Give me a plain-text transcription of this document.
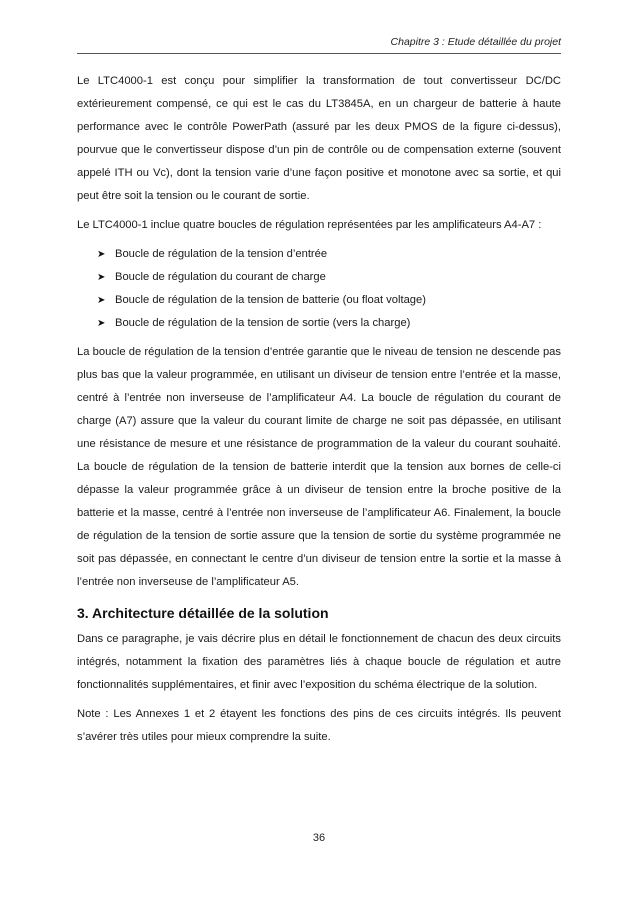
Chapitre 3 : Etude détaillée du projet

Le LTC4000-1 est conçu pour simplifier la transformation de tout convertisseur DC/DC extérieurement compensé, ce qui est le cas du LT3845A, en un chargeur de batterie à haute performance avec le contrôle PowerPath (assuré par les deux PMOS de la figure ci-dessus), pourvue que le convertisseur dispose d’un pin de contrôle ou de compensation externe (souvent appelé ITH ou Vc), dont la tension varie d’une façon positive et monotone avec sa sortie, et qui peut être soit la tension ou le courant de sortie.

Le LTC4000-1 inclue quatre boucles de régulation représentées par les amplificateurs A4-A7 :

➤ Boucle de régulation de la tension d’entrée
➤ Boucle de régulation du courant de charge
➤ Boucle de régulation de la tension de batterie (ou float voltage)
➤ Boucle de régulation de la tension de sortie (vers la charge)

La boucle de régulation de la tension d’entrée garantie que le niveau de tension ne descende pas plus bas que la valeur programmée, en utilisant un diviseur de tension entre l’entrée et la masse, centré à l’entrée non inverseuse de l’amplificateur A4. La boucle de régulation du courant de charge (A7) assure que la valeur du courant limite de charge ne soit pas dépassée, en utilisant une résistance de mesure et une résistance de programmation de la valeur du courant souhaité. La boucle de régulation de la tension de batterie interdit que la tension aux bornes de celle-ci dépasse la valeur programmée grâce à un diviseur de tension entre la broche positive de la batterie et la masse, centré à l’entrée non inverseuse de l’amplificateur A6. Finalement, la boucle de régulation de la tension de sortie assure que la tension de sortie du système programmée ne soit pas dépassée, en connectant le centre d’un diviseur de tension entre la sortie et la masse à l’entrée non inverseuse de l’amplificateur A5.

3. Architecture détaillée de la solution

Dans ce paragraphe, je vais décrire plus en détail le fonctionnement de chacun des deux circuits intégrés, notamment la fixation des paramètres liés à chaque boucle de régulation et autre fonctionnalités supplémentaires, et finir avec l’exposition du schéma électrique de la solution.

Note : Les Annexes 1 et 2 étayent les fonctions des pins de ces circuits intégrés. Ils peuvent s’avérer très utiles pour mieux comprendre la suite.

36
